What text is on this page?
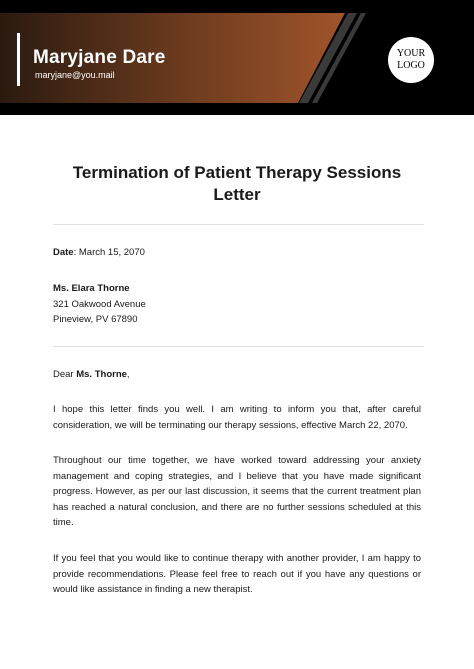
Maryjane Dare
maryjane@you.mail
YOUR LOGO
Termination of Patient Therapy Sessions
Letter
Date: March 15, 2070
Ms. Elara Thorne
321 Oakwood Avenue
Pineview, PV 67890
Dear Ms. Thorne,
I hope this letter finds you well. I am writing to inform you that, after careful consideration, we will be terminating our therapy sessions, effective March 22, 2070.
Throughout our time together, we have worked toward addressing your anxiety management and coping strategies, and I believe that you have made significant progress. However, as per our last discussion, it seems that the current treatment plan has reached a natural conclusion, and there are no further sessions scheduled at this time.
If you feel that you would like to continue therapy with another provider, I am happy to provide recommendations. Please feel free to reach out if you have any questions or would like assistance in finding a new therapist.
